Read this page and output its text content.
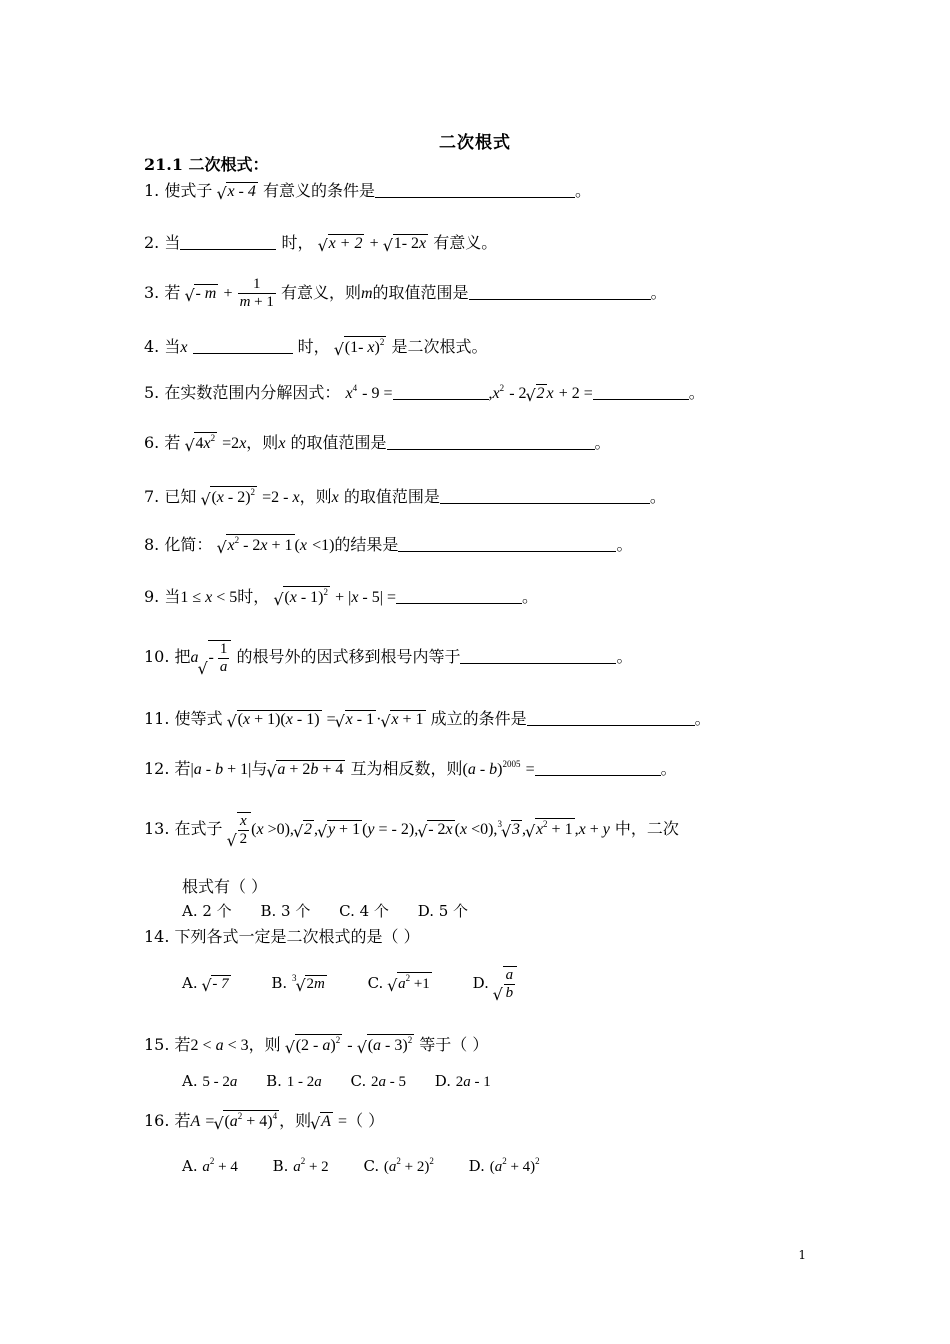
二次根式
21.1 二次根式：
1. 使式子 √ x - 4 有意义的条件是	。
2. 当	时， √ x + 2 + √ 1- 2x 有意义。
3. 若 √ - $m + \frac{1}{m + 1}$ 有意义，则m的取值范围是	。
4. 当x	时， √ (1- x)$^2$ 是二次根式。
5. 在实数范围内分解因式： $x^4 - 9$ =	$,x^2 - 2$ √ 2 x + 2 =	。
6. 若 √ $4x^2 =2x$，则x 的取值范围是	。
7. 已知 √ (x - 2)$^2$ =2 - x，则x 的取值范围是	。
8. 化简： √ $x^2 - 2x + 1$ (x <1)的结果是	。
9. 当1 ≤ x < 5时， √ (x - 1)$^2$ + |x - 5| =	。
10. 把a
√
- $\frac{1}{a}$ 的根号外的因式移到根号内等于	。
11. 使等式 √ (x + 1)(x - 1) = √ x - 1 · √ x + 1 成立的条件是	。
12. 若|a - b + 1|与 √ a + 2b + 4 互为相反数，则(a - b)$^{2005}$ =	。
13. 在式子
√ $\frac{x}{2} (x >0)$, √ 2 , √ y + 1 (y = - 2), √ - 2x (x <0),$^3$ √ 3 , √ $x^2 + 1$ ,x + y 中，二次
根式有（ ）
A. 2 个 B. 3 个 C. 4 个 D. 5 个
14. 下列各式一定是二次根式的是（ ）
A. √ - 7	B. $^3$ √ 2m	C. √ $a^2 +1$	D.
√ $\frac{a}{b}$
15. 若2 < a < 3，则 √ (2 - a)$^2$ - √ (a - 3)$^2$ 等于（ ）
A. 5 - 2a B. 1 - 2a C. 2a - 5 D. 2a - 1
16. 若A = √ $(a^2 + 4)^4$ ，则 √ A =（ ）
A. $a^2 + 4$ B. $a^2 + 2$ C. $(a^2 + 2)^2$ D. $(a^2 + 4)^2$
1
